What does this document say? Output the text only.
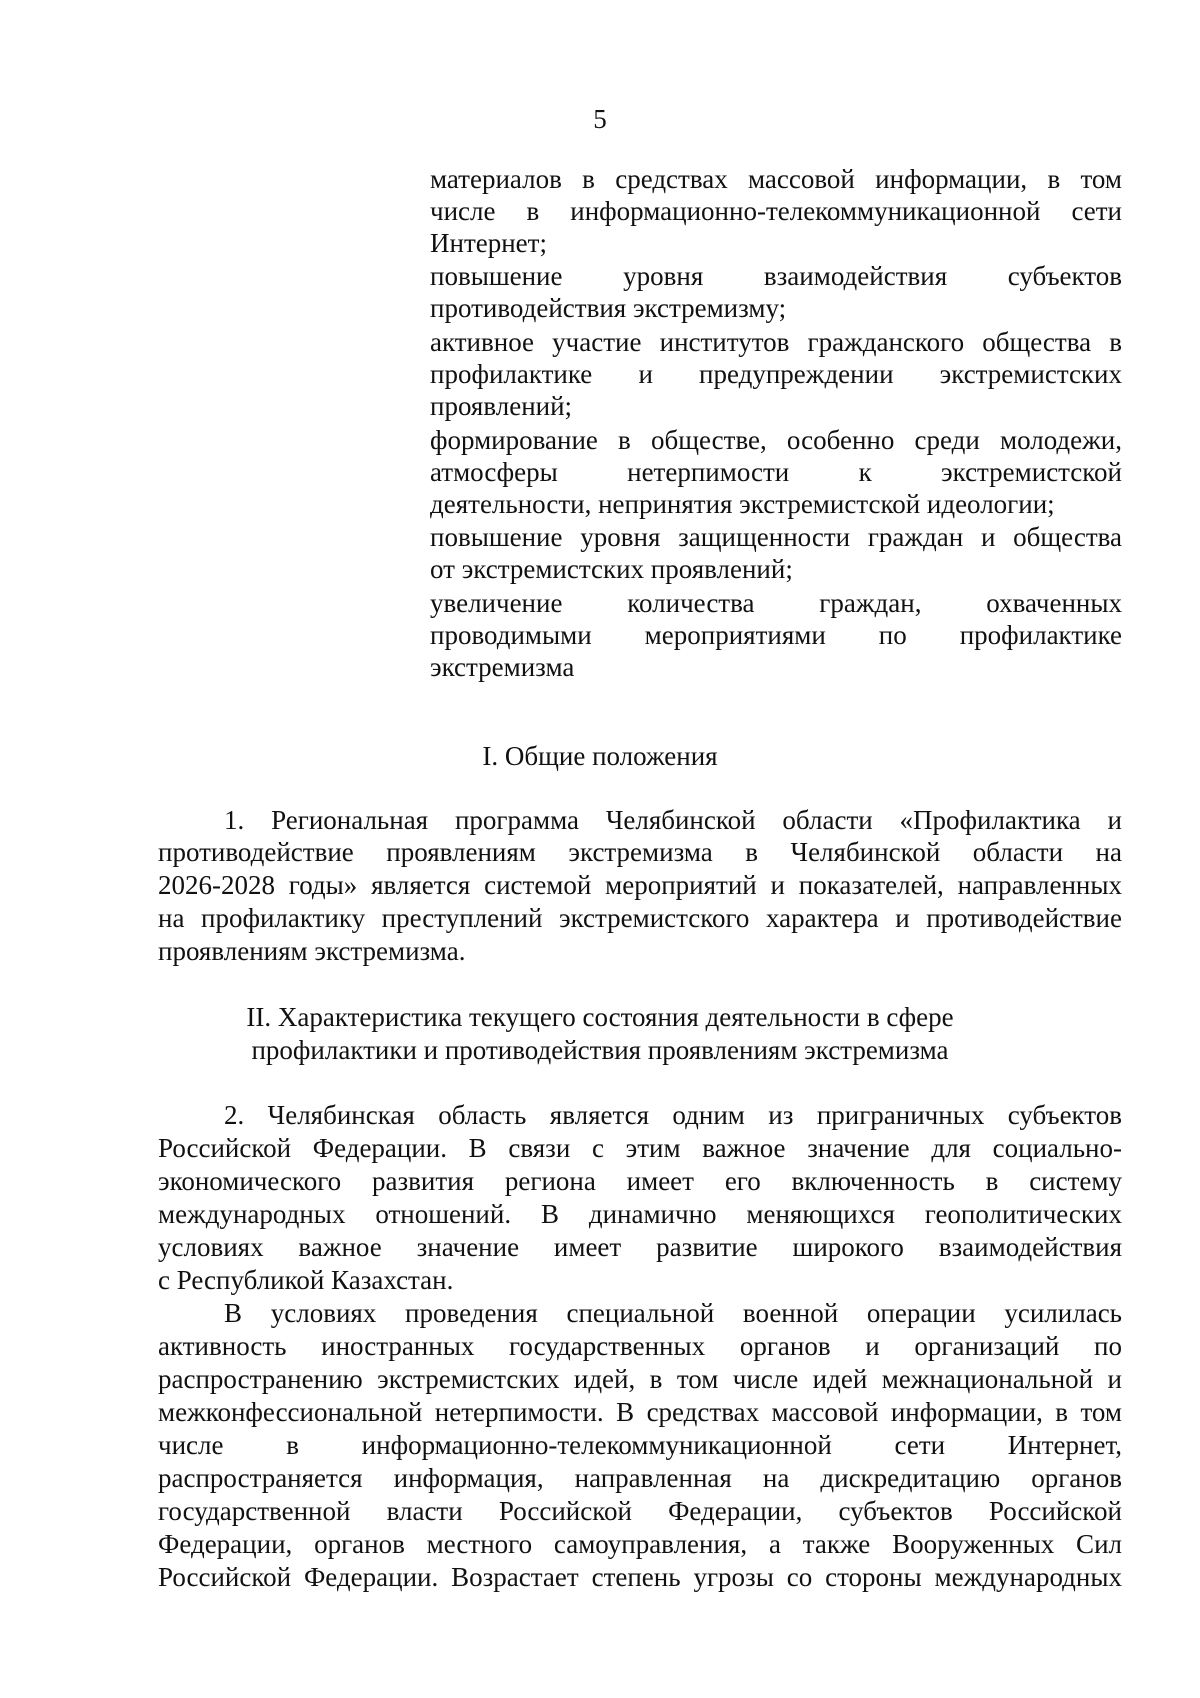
5
материалов в средствах массовой информации, в том
числе в информационно-телекоммуникационной сети
Интернет;
повышение уровня взаимодействия субъектов
противодействия экстремизму;
активное участие институтов гражданского общества в
профилактике и предупреждении экстремистских
проявлений;
формирование в обществе, особенно среди молодежи,
атмосферы нетерпимости к экстремистской
деятельности, непринятия экстремистской идеологии;
повышение уровня защищенности граждан и общества
от экстремистских проявлений;
увеличение количества граждан, охваченных
проводимыми мероприятиями по профилактике
экстремизма
I. Общие положения
1. Региональная программа Челябинской области «Профилактика и
противодействие проявлениям экстремизма в Челябинской области на
2026-2028 годы» является системой мероприятий и показателей, направленных
на профилактику преступлений экстремистского характера и противодействие
проявлениям экстремизма.
II. Характеристика текущего состояния деятельности в сфере
профилактики и противодействия проявлениям экстремизма
2. Челябинская область является одним из приграничных субъектов
Российской Федерации. В связи с этим важное значение для социально-
экономического развития региона имеет его включенность в систему
международных отношений. В динамично меняющихся геополитических
условиях важное значение имеет развитие широкого взаимодействия
с Республикой Казахстан.
В условиях проведения специальной военной операции усилилась
активность иностранных государственных органов и организаций по
распространению экстремистских идей, в том числе идей межнациональной и
межконфессиональной нетерпимости. В средствах массовой информации, в том
числе в информационно-телекоммуникационной сети Интернет,
распространяется информация, направленная на дискредитацию органов
государственной власти Российской Федерации, субъектов Российской
Федерации, органов местного самоуправления, а также Вооруженных Сил
Российской Федерации. Возрастает степень угрозы со стороны международных
